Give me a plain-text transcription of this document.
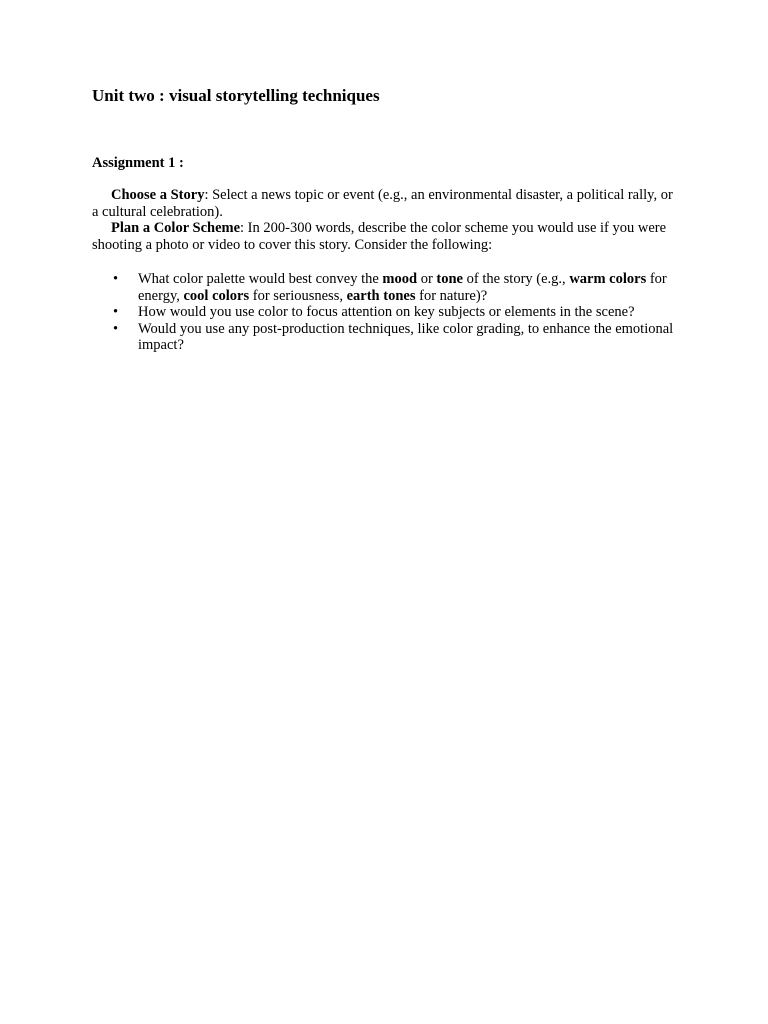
Unit two : visual storytelling techniques
Assignment 1 :

Choose a Story: Select a news topic or event (e.g., an environmental disaster, a political rally, or a cultural celebration).

Plan a Color Scheme: In 200-300 words, describe the color scheme you would use if you were shooting a photo or video to cover this story. Consider the following:

• What color palette would best convey the mood or tone of the story (e.g., warm colors for energy, cool colors for seriousness, earth tones for nature)?
• How would you use color to focus attention on key subjects or elements in the scene?
• Would you use any post-production techniques, like color grading, to enhance the emotional impact?
